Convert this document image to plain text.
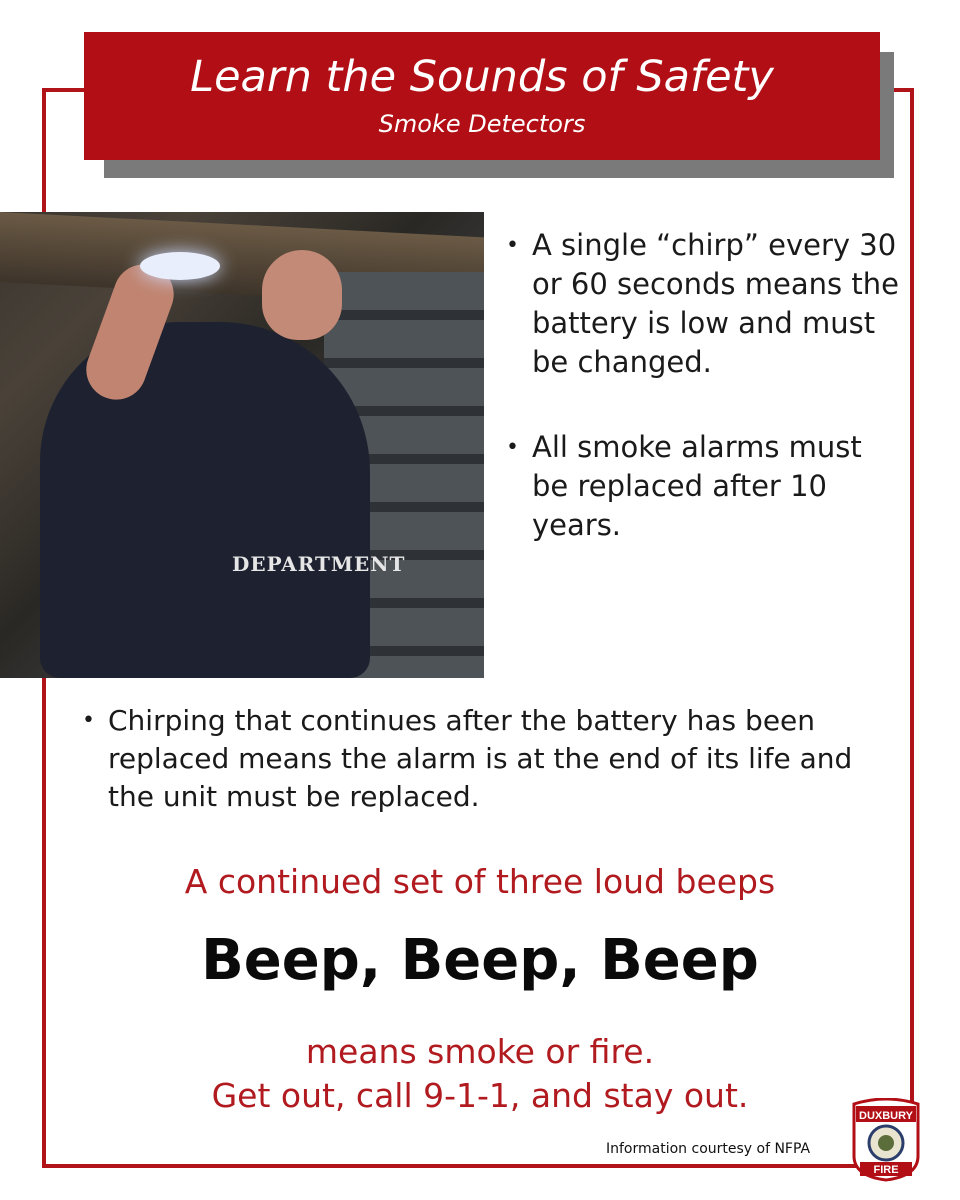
Learn the Sounds of Safety
Smoke Detectors
DEPARTMENT
• A single “chirp” every 30 or 60 seconds means the battery is low and must be changed.
• All smoke alarms must be replaced after 10 years.
• Chirping that continues after the battery has been replaced means the alarm is at the end of its life and the unit must be replaced.
A continued set of three loud beeps
Beep, Beep, Beep
means smoke or fire.
Get out, call 9-1-1, and stay out.
Information courtesy of NFPA
DUXBURY
FIRE
